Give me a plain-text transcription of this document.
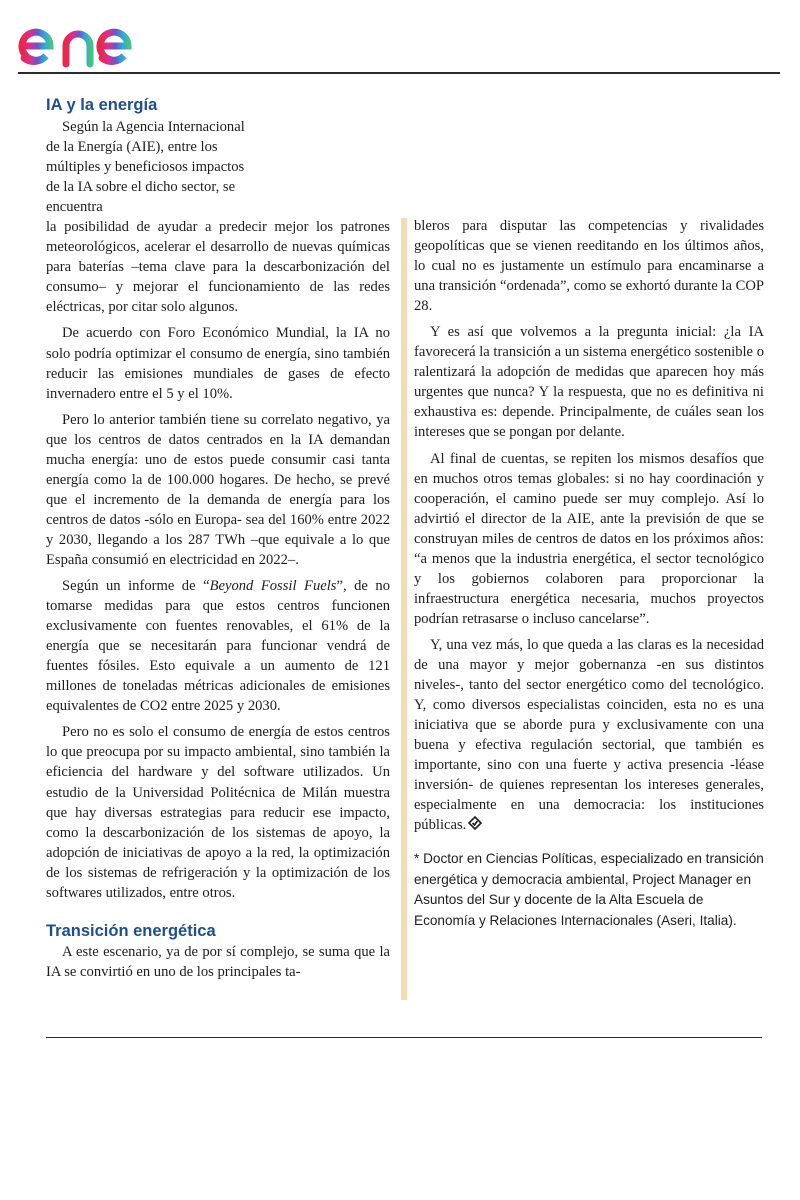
IA y la energía

Según la Agencia Internacional de la Energía (AIE), entre los múltiples y beneficiosos impactos de la IA sobre el dicho sector, se encuentra

la posibilidad de ayudar a predecir mejor los patrones meteorológicos, acelerar el desarrollo de nuevas químicas para baterías –tema clave para la descarbonización del consumo– y mejorar el funcionamiento de las redes eléctricas, por citar solo algunos.

De acuerdo con Foro Económico Mundial, la IA no solo podría optimizar el consumo de energía, sino también reducir las emisiones mundiales de gases de efecto invernadero entre el 5 y el 10%.

Pero lo anterior también tiene su correlato negativo, ya que los centros de datos centrados en la IA demandan mucha energía: uno de estos puede consumir casi tanta energía como la de 100.000 hogares. De hecho, se prevé que el incremento de la demanda de energía para los centros de datos -sólo en Europa- sea del 160% entre 2022 y 2030, llegando a los 287 TWh –que equivale a lo que España consumió en electricidad en 2022–.

Según un informe de “Beyond Fossil Fuels”, de no tomarse medidas para que estos centros funcionen exclusivamente con fuentes renovables, el 61% de la energía que se necesitarán para funcionar vendrá de fuentes fósiles. Esto equivale a un aumento de 121 millones de toneladas métricas adicionales de emisiones equivalentes de CO2 entre 2025 y 2030.

Pero no es solo el consumo de energía de estos centros lo que preocupa por su impacto ambiental, sino también la eficiencia del hardware y del software utilizados. Un estudio de la Universidad Politécnica de Milán muestra que hay diversas estrategias para reducir ese impacto, como la descarbonización de los sistemas de apoyo, la adopción de iniciativas de apoyo a la red, la optimización de los sistemas de refrigeración y la optimización de los softwares utilizados, entre otros.

Transición energética

A este escenario, ya de por sí complejo, se suma que la IA se convirtió en uno de los principales ta-

bleros para disputar las competencias y rivalidades geopolíticas que se vienen reeditando en los últimos años, lo cual no es justamente un estímulo para encaminarse a una transición “ordenada”, como se exhortó durante la COP 28.

Y es así que volvemos a la pregunta inicial: ¿la IA favorecerá la transición a un sistema energético sostenible o ralentizará la adopción de medidas que aparecen hoy más urgentes que nunca? Y la respuesta, que no es definitiva ni exhaustiva es: depende. Principalmente, de cuáles sean los intereses que se pongan por delante.

Al final de cuentas, se repiten los mismos desafíos que en muchos otros temas globales: si no hay coordinación y cooperación, el camino puede ser muy complejo. Así lo advirtió el director de la AIE, ante la previsión de que se construyan miles de centros de datos en los próximos años: “a menos que la industria energética, el sector tecnológico y los gobiernos colaboren para proporcionar la infraestructura energética necesaria, muchos proyectos podrían retrasarse o incluso cancelarse”.

Y, una vez más, lo que queda a las claras es la necesidad de una mayor y mejor gobernanza -en sus distintos niveles-, tanto del sector energético como del tecnológico. Y, como diversos especialistas coinciden, esta no es una iniciativa que se aborde pura y exclusivamente con una buena y efectiva regulación sectorial, que también es importante, sino con una fuerte y activa presencia -léase inversión- de quienes representan los intereses generales, especialmente en una democracia: los instituciones públicas.

* Doctor en Ciencias Políticas, especializado en transición energética y democracia ambiental, Project Manager en Asuntos del Sur y docente de la Alta Escuela de Economía y Relaciones Internacionales (Aseri, Italia).
